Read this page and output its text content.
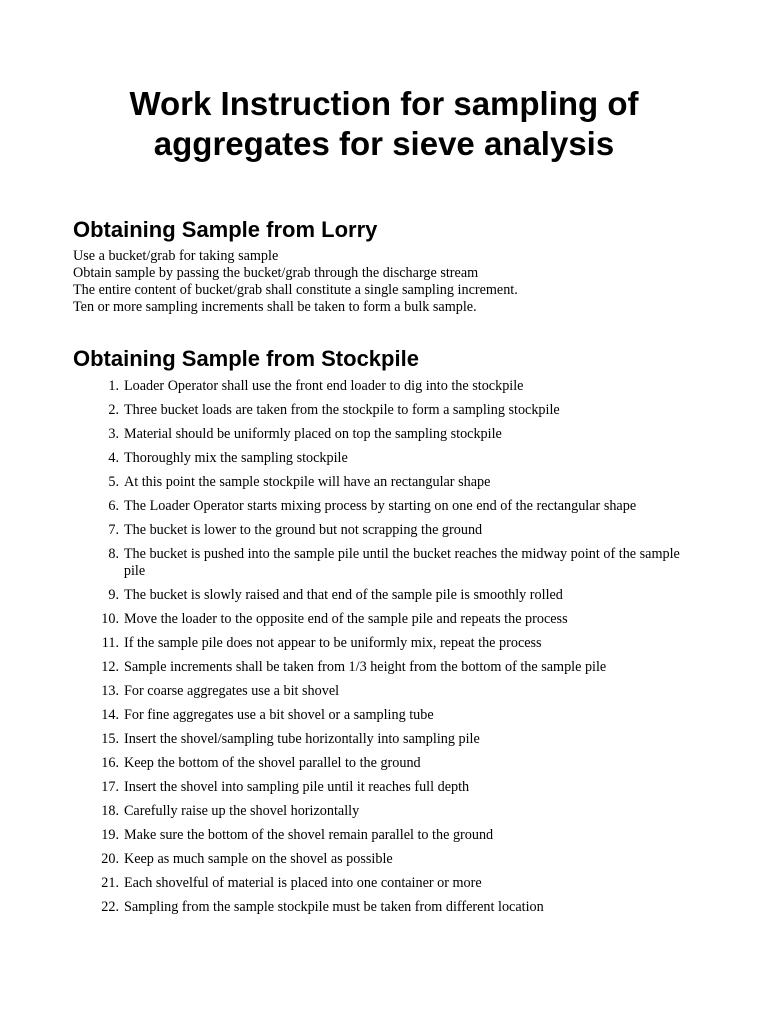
Work Instruction for sampling of aggregates for sieve analysis
Obtaining Sample from Lorry
Use a bucket/grab for taking sample
Obtain sample by passing the bucket/grab through the discharge stream
The entire content of bucket/grab shall constitute a single sampling increment.
Ten or more sampling increments shall be taken to form a bulk sample.
Obtaining Sample from Stockpile
1. Loader Operator shall use the front end loader to dig into the stockpile
2. Three bucket loads are taken from the stockpile to form a sampling stockpile
3. Material should be uniformly placed on top the sampling stockpile
4. Thoroughly mix the sampling stockpile
5. At this point the sample stockpile will have an rectangular shape
6. The Loader Operator starts mixing process by starting on one end of the rectangular shape
7. The bucket is lower to the ground but not scrapping the ground
8. The bucket is pushed into the sample pile until the bucket reaches the midway point of the sample pile
9. The bucket is slowly raised and that end of the sample pile is smoothly rolled
10. Move the loader to the opposite end of the sample pile and repeats the process
11. If the sample pile does not appear to be uniformly mix, repeat the process
12. Sample increments shall be taken from 1/3 height from the bottom of the sample pile
13. For coarse aggregates use a bit shovel
14. For fine aggregates use a bit shovel or a sampling tube
15. Insert the shovel/sampling tube horizontally into sampling pile
16. Keep the bottom of the shovel parallel to the ground
17. Insert the shovel into sampling pile until it reaches full depth
18. Carefully raise up the shovel horizontally
19. Make sure the bottom of the shovel remain parallel to the ground
20. Keep as much sample on the shovel as possible
21. Each shovelful of material is placed into one container or more
22. Sampling from the sample stockpile must be taken from different location
